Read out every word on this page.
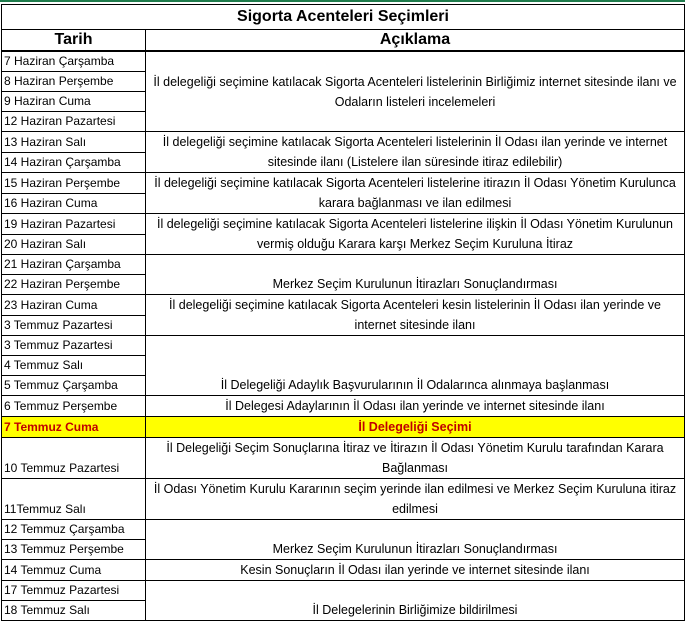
Sigorta Acenteleri Seçimleri	
Tarih	Açıklama
7 Haziran Çarşamba	İl delegeliği seçimine katılacak Sigorta Acenteleri listelerinin Birliğimiz internet sitesinde ilanı ve Odaların listeleri incelemeleri
8 Haziran Perşembe	
9 Haziran Cuma	
12 Haziran Pazartesi	
13 Haziran Salı	İl delegeliği seçimine katılacak Sigorta Acenteleri listelerinin İl Odası ilan yerinde ve internet sitesinde ilanı (Listelere ilan süresinde itiraz edilebilir)
14 Haziran Çarşamba	
15 Haziran Perşembe	İl delegeliği seçimine katılacak Sigorta Acenteleri listelerine itirazın İl Odası Yönetim Kurulunca karara bağlanması ve ilan edilmesi
16 Haziran Cuma	
19 Haziran Pazartesi	İl delegeliği seçimine katılacak Sigorta Acenteleri listelerine ilişkin İl Odası Yönetim Kurulunun vermiş olduğu Karara karşı Merkez Seçim Kuruluna İtiraz
20 Haziran Salı	
21 Haziran Çarşamba	Merkez Seçim Kurulunun İtirazları Sonuçlandırması
22 Haziran Perşembe	
23 Haziran Cuma	İl delegeliği seçimine katılacak Sigorta Acenteleri kesin listelerinin İl Odası ilan yerinde ve internet sitesinde ilanı
3 Temmuz Pazartesi	
3 Temmuz Pazartesi	İl Delegeliği Adaylık Başvurularının İl Odalarınca alınmaya başlanması
4 Temmuz Salı	
5 Temmuz Çarşamba	
6 Temmuz Perşembe	İl Delegesi Adaylarının İl Odası ilan yerinde ve internet sitesinde ilanı
7 Temmuz Cuma	İl Delegeliği Seçimi
10 Temmuz Pazartesi	İl Delegeliği Seçim Sonuçlarına İtiraz ve İtirazın İl Odası Yönetim Kurulu tarafından Karara Bağlanması
11Temmuz Salı	İl Odası Yönetim Kurulu Kararının seçim yerinde ilan edilmesi ve Merkez Seçim Kuruluna itiraz edilmesi
12 Temmuz Çarşamba	Merkez Seçim Kurulunun İtirazları Sonuçlandırması
13 Temmuz Perşembe	
14 Temmuz Cuma	Kesin Sonuçların İl Odası ilan yerinde ve internet sitesinde ilanı
17 Temmuz Pazartesi	İl Delegelerinin Birliğimize bildirilmesi
18 Temmuz Salı	
